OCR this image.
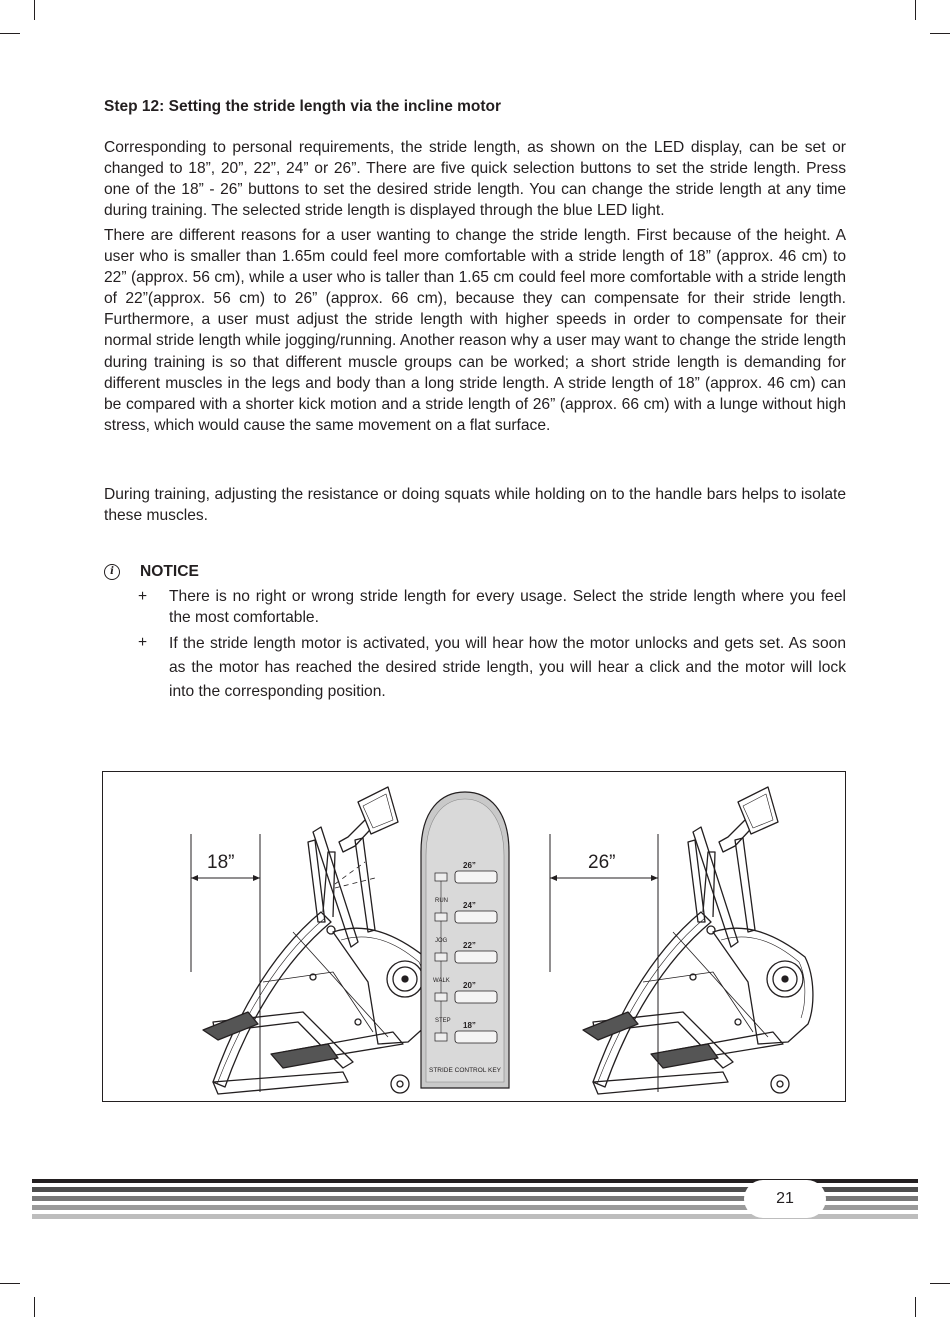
Step 12: Setting the stride length via the incline motor

Corresponding to personal requirements, the stride length, as shown on the LED display, can be set or changed to 18”, 20”, 22”, 24” or 26”. There are five quick selection buttons to set the stride length. Press one of the 18” - 26” buttons to set the desired stride length. You can change the stride length at any time during training. The selected stride length is displayed through the blue LED light.

There are different reasons for a user wanting to change the stride length. First because of the height. A user who is smaller than 1.65m could feel more comfortable with a stride length of 18” (approx. 46 cm) to 22” (approx. 56 cm), while a user who is taller than 1.65 cm could feel more comfortable with a stride length of 22”(approx. 56 cm) to 26” (approx. 66 cm), because they can compensate for their stride length. Furthermore, a user must adjust the stride length with higher speeds in order to compensate for their normal stride length while jogging/running. Another reason why a user may want to change the stride length during training is so that different muscle groups can be worked; a short stride length is demanding for different muscles in the legs and body than a long stride length. A stride length of 18” (approx. 46 cm) can be compared with a shorter kick motion and a stride length of 26” (approx. 66 cm) with a lunge without high stress, which would cause the same movement on a flat surface.

During training, adjusting the resistance or doing squats while holding on to the handle bars helps to isolate these muscles.

i	NOTICE
+	There is no right or wrong stride length for every usage. Select the stride length where you feel the most comfortable.
+	If the stride length motor is activated, you will hear how the motor unlocks and gets set. As soon as the motor has reached the desired stride length, you will hear a click and the motor will lock into the corresponding position.
18”	26”
26”
24”
22”
20”
18”
RUN
JOG
WALK
STEP
STRIDE CONTROL KEY
21
